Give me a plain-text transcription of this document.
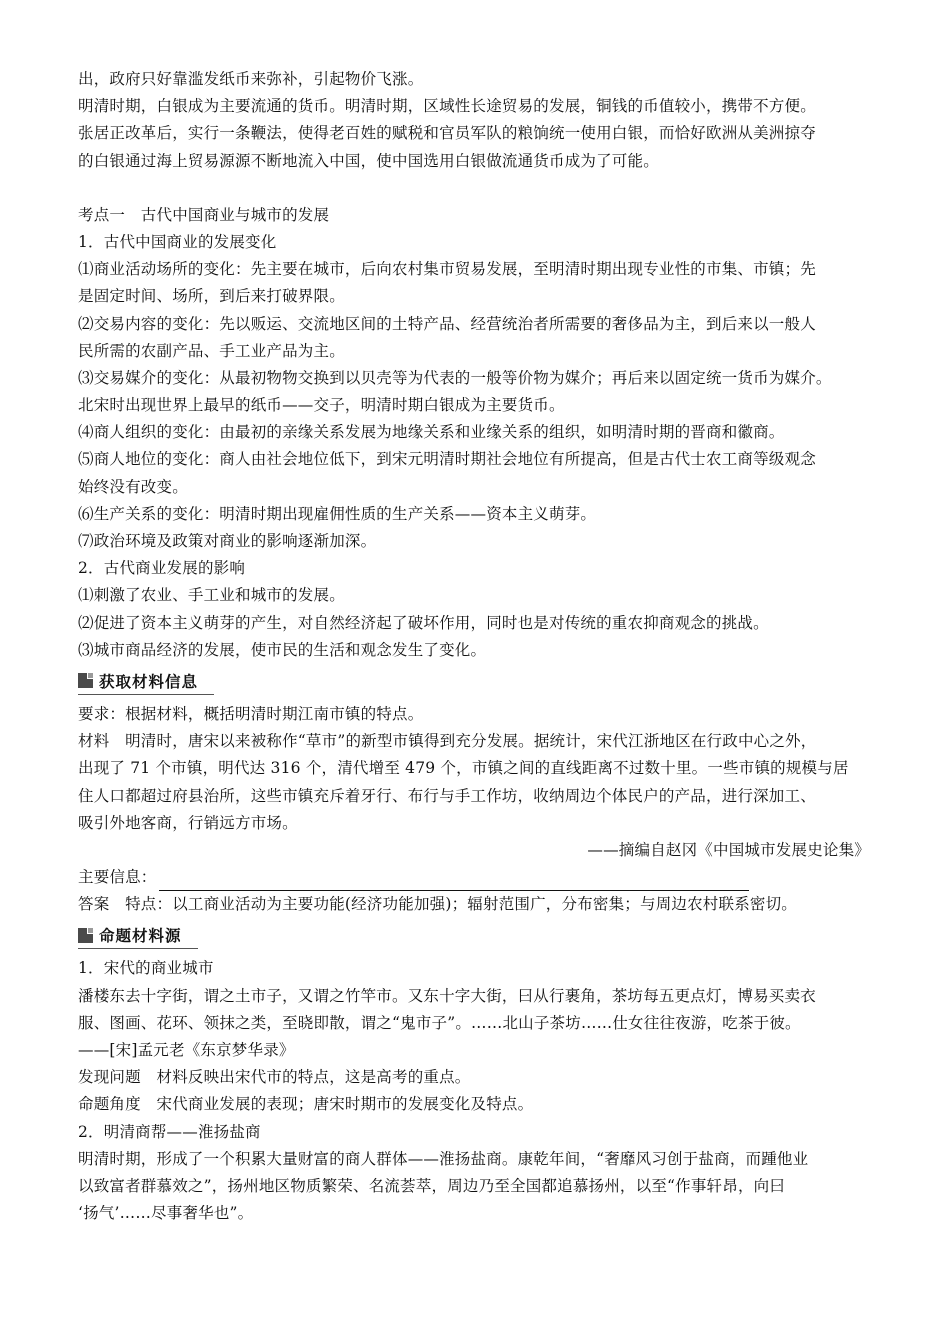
出，政府只好靠滥发纸币来弥补，引起物价飞涨。
明清时期，白银成为主要流通的货币。明清时期，区域性长途贸易的发展，铜钱的币值较小，携带不方便。
张居正改革后，实行一条鞭法，使得老百姓的赋税和官员军队的粮饷统一使用白银，而恰好欧洲从美洲掠夺
的白银通过海上贸易源源不断地流入中国，使中国选用白银做流通货币成为了可能。
考点一　古代中国商业与城市的发展
1．古代中国商业的发展变化
⑴商业活动场所的变化：先主要在城市，后向农村集市贸易发展，至明清时期出现专业性的市集、市镇；先
是固定时间、场所，到后来打破界限。
⑵交易内容的变化：先以贩运、交流地区间的土特产品、经营统治者所需要的奢侈品为主，到后来以一般人
民所需的农副产品、手工业产品为主。
⑶交易媒介的变化：从最初物物交换到以贝壳等为代表的一般等价物为媒介；再后来以固定统一货币为媒介。
北宋时出现世界上最早的纸币——交子，明清时期白银成为主要货币。
⑷商人组织的变化：由最初的亲缘关系发展为地缘关系和业缘关系的组织，如明清时期的晋商和徽商。
⑸商人地位的变化：商人由社会地位低下，到宋元明清时期社会地位有所提高，但是古代士农工商等级观念
始终没有改变。
⑹生产关系的变化：明清时期出现雇佣性质的生产关系——资本主义萌芽。
⑺政治环境及政策对商业的影响逐渐加深。
2．古代商业发展的影响
⑴刺激了农业、手工业和城市的发展。
⑵促进了资本主义萌芽的产生，对自然经济起了破坏作用，同时也是对传统的重农抑商观念的挑战。
⑶城市商品经济的发展，使市民的生活和观念发生了变化。
获取材料信息
要求：根据材料，概括明清时期江南市镇的特点。
材料　明清时，唐宋以来被称作“草市”的新型市镇得到充分发展。据统计，宋代江浙地区在行政中心之外，
出现了 71 个市镇，明代达 316 个，清代增至 479 个，市镇之间的直线距离不过数十里。一些市镇的规模与居
住人口都超过府县治所，这些市镇充斥着牙行、布行与手工作坊，收纳周边个体民户的产品，进行深加工、
吸引外地客商，行销远方市场。
——摘编自赵冈《中国城市发展史论集》
主要信息：
答案　特点：以工商业活动为主要功能(经济功能加强)；辐射范围广，分布密集；与周边农村联系密切。
命题材料源
1．宋代的商业城市
潘楼东去十字街，谓之土市子，又谓之竹竿市。又东十字大街，曰从行裹角，茶坊每五更点灯，博易买卖衣
服、图画、花环、领抹之类，至晓即散，谓之“鬼市子”。……北山子茶坊……仕女往往夜游，吃茶于彼。
——[宋]孟元老《东京梦华录》
发现问题　材料反映出宋代市的特点，这是高考的重点。
命题角度　宋代商业发展的表现；唐宋时期市的发展变化及特点。
2．明清商帮——淮扬盐商
明清时期，形成了一个积累大量财富的商人群体——淮扬盐商。康乾年间，“奢靡风习创于盐商，而踵他业
以致富者群慕效之”，扬州地区物质繁荣、名流荟萃，周边乃至全国都追慕扬州，以至“作事轩昂，向曰
‘扬气’……尽事奢华也”。
